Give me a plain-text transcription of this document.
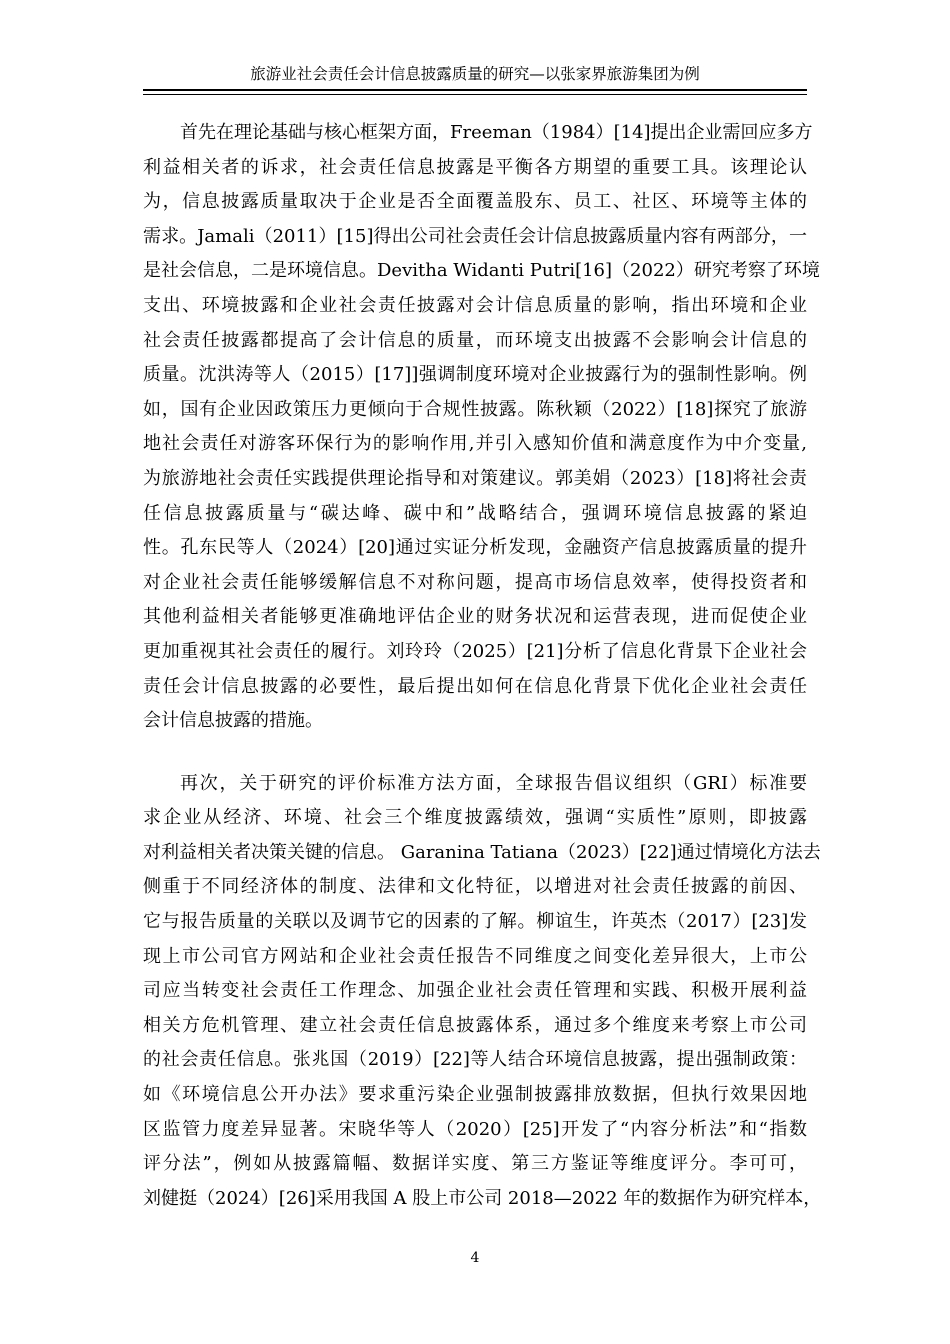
旅游业社会责任会计信息披露质量的研究—以张家界旅游集团为例
首先在理论基础与核心框架方面，Freeman（1984）[14]提出企业需回应多方
利益相关者的诉求，社会责任信息披露是平衡各方期望的重要工具。该理论认
为，信息披露质量取决于企业是否全面覆盖股东、员工、社区、环境等主体的
需求。Jamali（2011）[15]得出公司社会责任会计信息披露质量内容有两部分，一
是社会信息，二是环境信息。Devitha Widanti Putri[16]（2022）研究考察了环境
支出、环境披露和企业社会责任披露对会计信息质量的影响，指出环境和企业
社会责任披露都提高了会计信息的质量，而环境支出披露不会影响会计信息的
质量。沈洪涛等人（2015）[17]]强调制度环境对企业披露行为的强制性影响。例
如，国有企业因政策压力更倾向于合规性披露。陈秋颖（2022）[18]探究了旅游
地社会责任对游客环保行为的影响作用,并引入感知价值和满意度作为中介变量,
为旅游地社会责任实践提供理论指导和对策建议。郭美娟（2023）[18]将社会责
任信息披露质量与“碳达峰、碳中和”战略结合，强调环境信息披露的紧迫
性。孔东民等人（2024）[20]通过实证分析发现，金融资产信息披露质量的提升
对企业社会责任能够缓解信息不对称问题，提高市场信息效率，使得投资者和
其他利益相关者能够更准确地评估企业的财务状况和运营表现，进而促使企业
更加重视其社会责任的履行。刘玲玲（2025）[21]分析了信息化背景下企业社会
责任会计信息披露的必要性，最后提出如何在信息化背景下优化企业社会责任
会计信息披露的措施。
再次，关于研究的评价标准方法方面，全球报告倡议组织（GRI）标准要
求企业从经济、环境、社会三个维度披露绩效，强调“实质性”原则，即披露
对利益相关者决策关键的信息。 Garanina Tatiana（2023）[22]通过情境化方法去
侧重于不同经济体的制度、法律和文化特征，以增进对社会责任披露的前因、
它与报告质量的关联以及调节它的因素的了解。柳谊生，许英杰（2017）[23]发
现上市公司官方网站和企业社会责任报告不同维度之间变化差异很大，上市公
司应当转变社会责任工作理念、加强企业社会责任管理和实践、积极开展利益
相关方危机管理、建立社会责任信息披露体系，通过多个维度来考察上市公司
的社会责任信息。张兆国（2019）[22]等人结合环境信息披露，提出强制政策：
如《环境信息公开办法》要求重污染企业强制披露排放数据，但执行效果因地
区监管力度差异显著。宋晓华等人（2020）[25]开发了“内容分析法”和“指数
评分法”，例如从披露篇幅、数据详实度、第三方鉴证等维度评分。李可可，
刘健挺（2024）[26]采用我国 A 股上市公司 2018—2022 年的数据作为研究样本，
4
